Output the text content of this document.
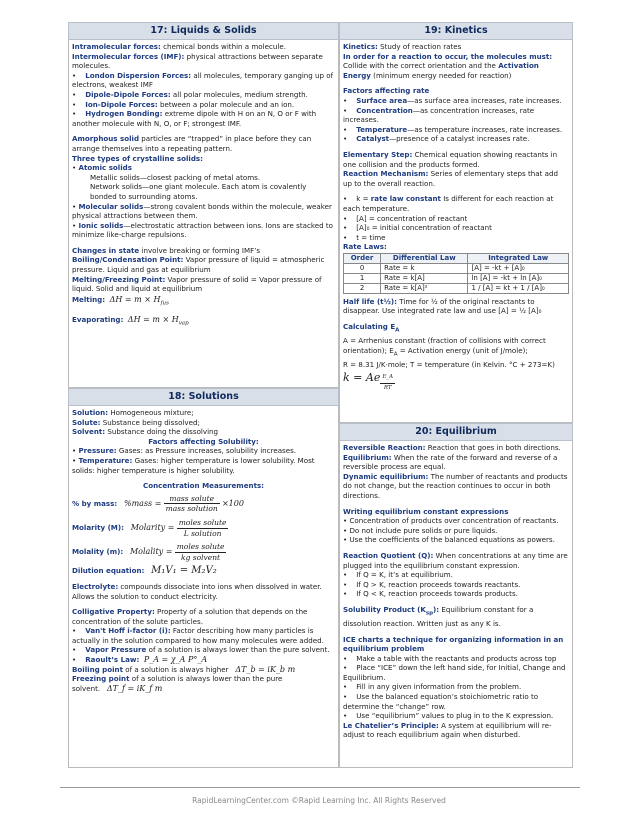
17: Liquids & Solids
Intramolecular forces: chemical bonds within a molecule.
Intermolecular forces (IMF): physical attractions between separate molecules.
•    London Dispersion Forces: all molecules, temporary ganging up of electrons, weakest IMF
•    Dipole-Dipole Forces: all polar molecules, medium strength.
•    Ion-Dipole Forces: between a polar molecule and an ion.
•    Hydrogen Bonding: extreme dipole with H on an N, O or F with another molecule with N, O, or F; strongest IMF.
Amorphous solid particles are “trapped” in place before they can arrange themselves into a repeating pattern.
Three types of crystalline solids:
• Atomic solids
Metallic solids—closest packing of metal atoms.
Network solids—one giant molecule. Each atom is covalently bonded to surrounding atoms.
• Molecular solids—strong covalent bonds within the molecule, weaker physical attractions between them.
• Ionic solids—electrostatic attraction between ions. Ions are stacked to minimize like-charge repulsions.
Changes in state involve breaking or forming IMF’s
Boiling/Condensation Point: Vapor pressure of liquid = atmospheric pressure. Liquid and gas at equilibrium
Melting/Freezing Point: Vapor pressure of solid = Vapor pressure of liquid. Solid and liquid at equilibrium
Melting: $\Delta H = m \times H_{fus}$
Evaporating: $\Delta H = m \times H_{vap}$
18: Solutions
Solution: Homogeneous mixture;
Solute: Substance being dissolved;
Solvent: Substance doing the dissolving
Factors affecting Solubility:
• Pressure: Gases: as Pressure increases, solubility increases.
• Temperature: Gases: higher temperature is lower solubility. Most solids: higher temperature is higher solubility.
Concentration Measurements:
% by mass: %mass = $\frac{\text{mass solute}}{\text{mass solution}} \times 100$
Molarity (M): Molarity = $\frac{\text{moles solute}}{\text{L solution}}$
Molality (m): Molality = $\frac{\text{moles solute}}{\text{kg solvent}}$
Dilution equation: M₁V₁ = M₂V₂
Electrolyte: compounds dissociate into ions when dissolved in water. Allows the solution to conduct electricity.
Colligative Property: Property of a solution that depends on the concentration of the solute particles.
•    Van't Hoff i-factor (i): Factor describing how many particles is actually in the solution compared to how many molecules were added.
•    Vapor Pressure of a solution is always lower than the pure solvent.
•    Raoult’s Law: P_A = χ_A P°_A
Boiling point of a solution is always higher ΔT_b = iK_b m
Freezing point of a solution is always lower than the pure solvent. ΔT_f = iK_f m
19: Kinetics
Kinetics: Study of reaction rates
In order for a reaction to occur, the molecules must: Collide with the correct orientation and the Activation Energy (minimum energy needed for reaction)
Factors affecting rate
•    Surface area—as surface area increases, rate increases.
•    Concentration—as concentration increases, rate increases.
•    Temperature—as temperature increases, rate increases.
•    Catalyst—presence of a catalyst increases rate.
Elementary Step: Chemical equation showing reactants in one collision and the products formed.
Reaction Mechanism: Series of elementary steps that add up to the overall reaction.
•    k = rate law constant Is different for each reaction at each temperature.
•    [A] = concentration of reactant
•    [A]₀ = initial concentration of reactant
•    t = time
Rate Laws:
Order	Differential Law	Integrated Law
0	Rate = k	[A] = -kt + [A]₀
1	Rate = k[A]	ln [A] = -kt + ln [A]₀
2	Rate = k[A]²	1 / [A] = kt + 1 / [A]₀
Half life (t½): Time for ½ of the original reactants to disappear. Use integrated rate law and use [A] = ½ [A]₀
Calculating $E_A$
A = Arrhenius constant (fraction of collisions with correct orientation); $E_A$ = Activation energy (unit of J/mole);
R = 8.31 J/K·mole; T = temperature (in Kelvin. °C + 273=K)
k = Ae $\frac{E\_A}{RT}$
20: Equilibrium
Reversible Reaction: Reaction that goes in both directions.
Equilibrium: When the rate of the forward and reverse of a reversible process are equal.
Dynamic equilibrium: The number of reactants and products do not change, but the reaction continues to occur in both directions.
Writing equilibrium constant expressions
• Concentration of products over concentration of reactants.
• Do not include pure solids or pure liquids.
• Use the coefficients of the balanced equations as powers.
Reaction Quotient (Q): When concentrations at any time are plugged into the equilibrium constant expression.
•    If Q = K, it’s at equilibrium.
•    If Q > K, reaction proceeds towards reactants.
•    If Q < K, reaction proceeds towards products.
Solubility Product $(K_{sp})$: Equilibrium constant for a dissolution reaction. Written just as any K is.
ICE charts a technique for organizing information in an equilibrium problem
•    Make a table with the reactants and products across top
•    Place “ICE” down the left hand side, for Initial, Change and Equilibrium.
•    Fill in any given information from the problem.
•    Use the balanced equation’s stoichiometric ratio to determine the “change” row.
•    Use “equilibrium” values to plug in to the K expression.
Le Chatelier’s Principle: A system at equilibrium will re-adjust to reach equilibrium again when disturbed.
RapidLearningCenter.com ©Rapid Learning Inc. All Rights Reserved
